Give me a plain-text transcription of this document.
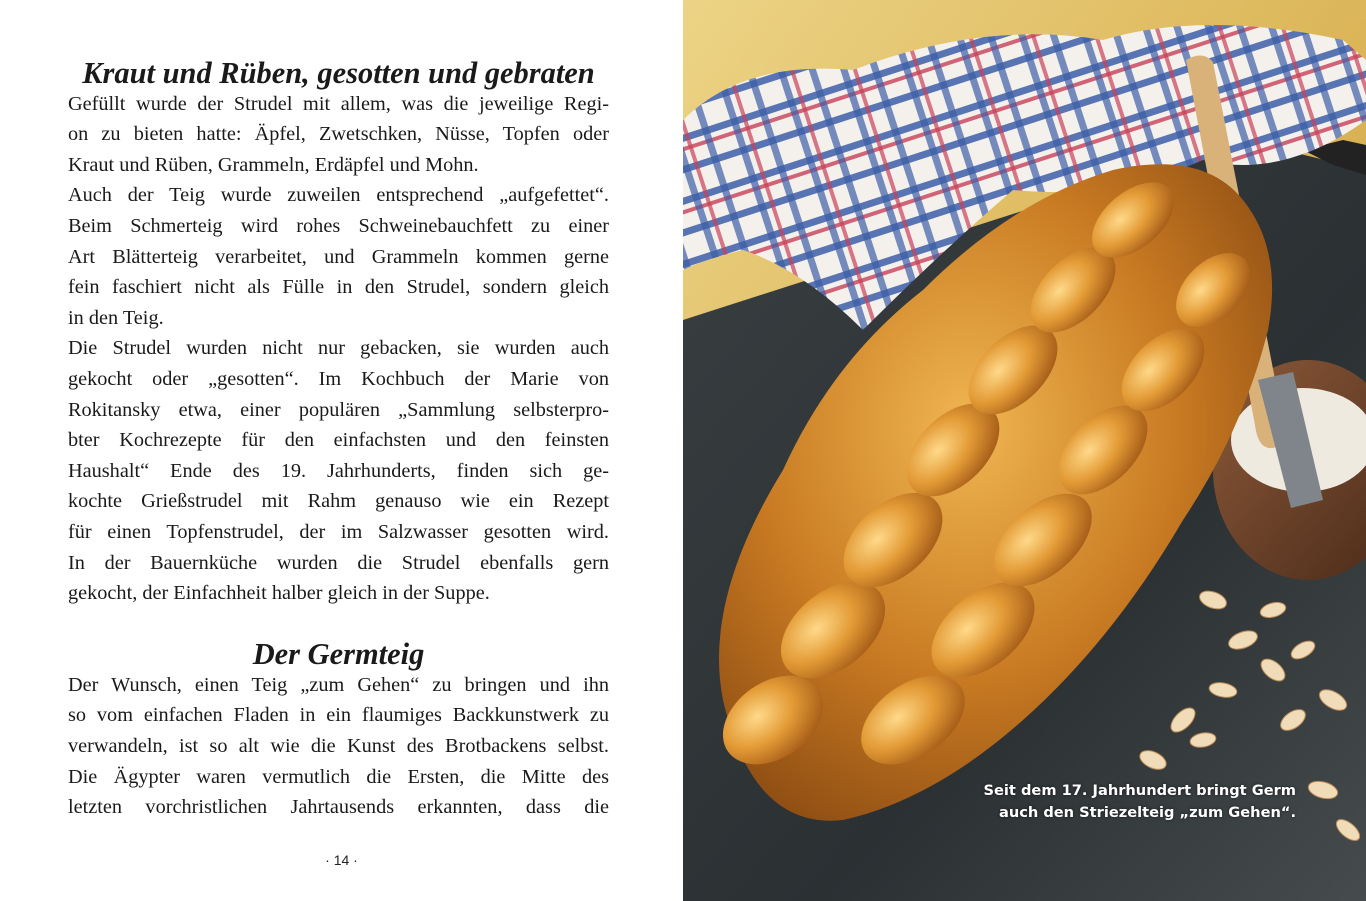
Kraut und Rüben, gesotten und gebraten

Gefüllt wurde der Strudel mit allem, was die jeweilige Regi-
on zu bieten hatte: Äpfel, Zwetschken, Nüsse, Topfen oder
Kraut und Rüben, Grammeln, Erdäpfel und Mohn.

Auch der Teig wurde zuweilen entsprechend „aufgefettet“.
Beim Schmerteig wird rohes Schweinebauchfett zu einer
Art Blätterteig verarbeitet, und Grammeln kommen gerne
fein faschiert nicht als Fülle in den Strudel, sondern gleich
in den Teig.

Die Strudel wurden nicht nur gebacken, sie wurden auch
gekocht oder „gesotten“. Im Kochbuch der Marie von
Rokitansky etwa, einer populären „Sammlung selbsterpro-
bter Kochrezepte für den einfachsten und den feinsten
Haushalt“ Ende des 19. Jahrhunderts, finden sich ge-
kochte Grießstrudel mit Rahm genauso wie ein Rezept
für einen Topfenstrudel, der im Salzwasser gesotten wird.
In der Bauernküche wurden die Strudel ebenfalls gern
gekocht, der Einfachheit halber gleich in der Suppe.

Der Germteig

Der Wunsch, einen Teig „zum Gehen“ zu bringen und ihn
so vom einfachen Fladen in ein flaumiges Backkunstwerk zu
verwandeln, ist so alt wie die Kunst des Brotbackens selbst.
Die Ägypter waren vermutlich die Ersten, die Mitte des
letzten vorchristlichen Jahrtausends erkannten, dass die

· 14 ·
Seit dem 17. Jahrhundert bringt Germ
auch den Striezelteig „zum Gehen“.
